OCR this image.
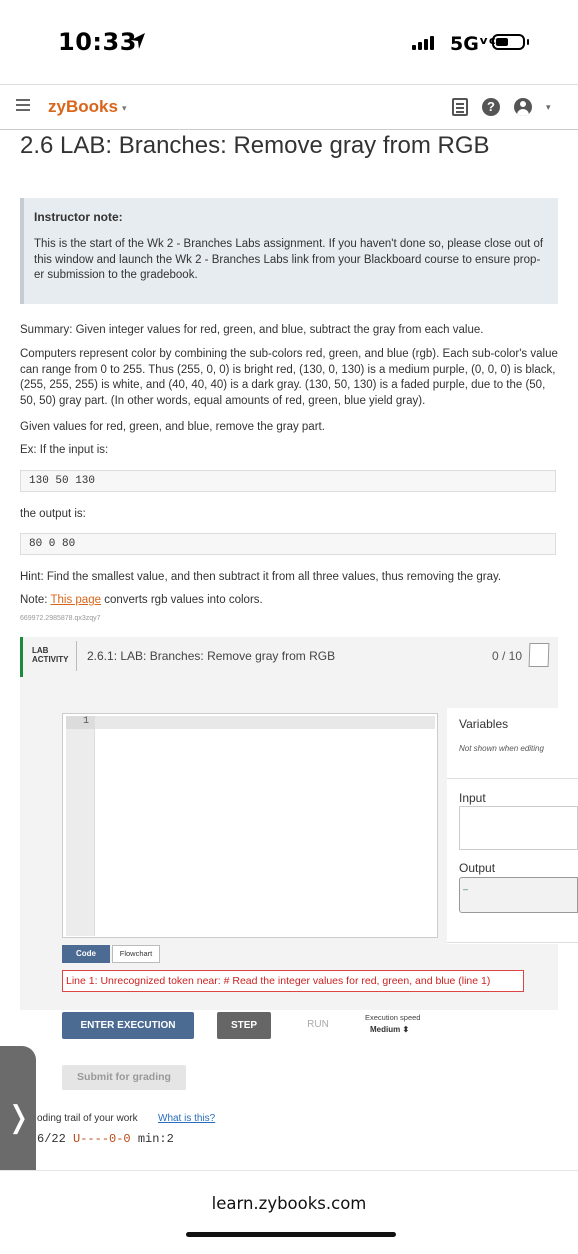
10:33	5Gᵛᶜ
zyBooks ▾	?	▾
2.6 LAB: Branches: Remove gray from RGB
Instructor note:
This is the start of the Wk 2 - Branches Labs assignment. If you haven't done so, please close out of this window and launch the Wk 2 - Branches Labs link from your Blackboard course to ensure proper submission to the gradebook.
Summary: Given integer values for red, green, and blue, subtract the gray from each value.
Computers represent color by combining the sub-colors red, green, and blue (rgb). Each sub-color's value can range from 0 to 255. Thus (255, 0, 0) is bright red, (130, 0, 130) is a medium purple, (0, 0, 0) is black, (255, 255, 255) is white, and (40, 40, 40) is a dark gray. (130, 50, 130) is a faded purple, due to the (50, 50, 50) gray part. (In other words, equal amounts of red, green, blue yield gray).
Given values for red, green, and blue, remove the gray part.
Ex: If the input is:
130 50 130
the output is:
80 0 80
Hint: Find the smallest value, and then subtract it from all three values, thus removing the gray.
Note: This page converts rgb values into colors.
669972.2985878.qx3zqy7
LAB
ACTIVITY 2.6.1: LAB: Branches: Remove gray from RGB	0 / 10
1	Variables
Not shown when editing
Input
Output
–
Code	Flowchart
Line 1: Unrecognized token near: # Read the integer values for red, green, and blue (line 1)
ENTER EXECUTION	STEP	RUN
Execution speed
Medium ⬍
Submit for grading
oding trail of your work What is this?
6/22 U----0-0 min:2
❭
learn.zybooks.com
